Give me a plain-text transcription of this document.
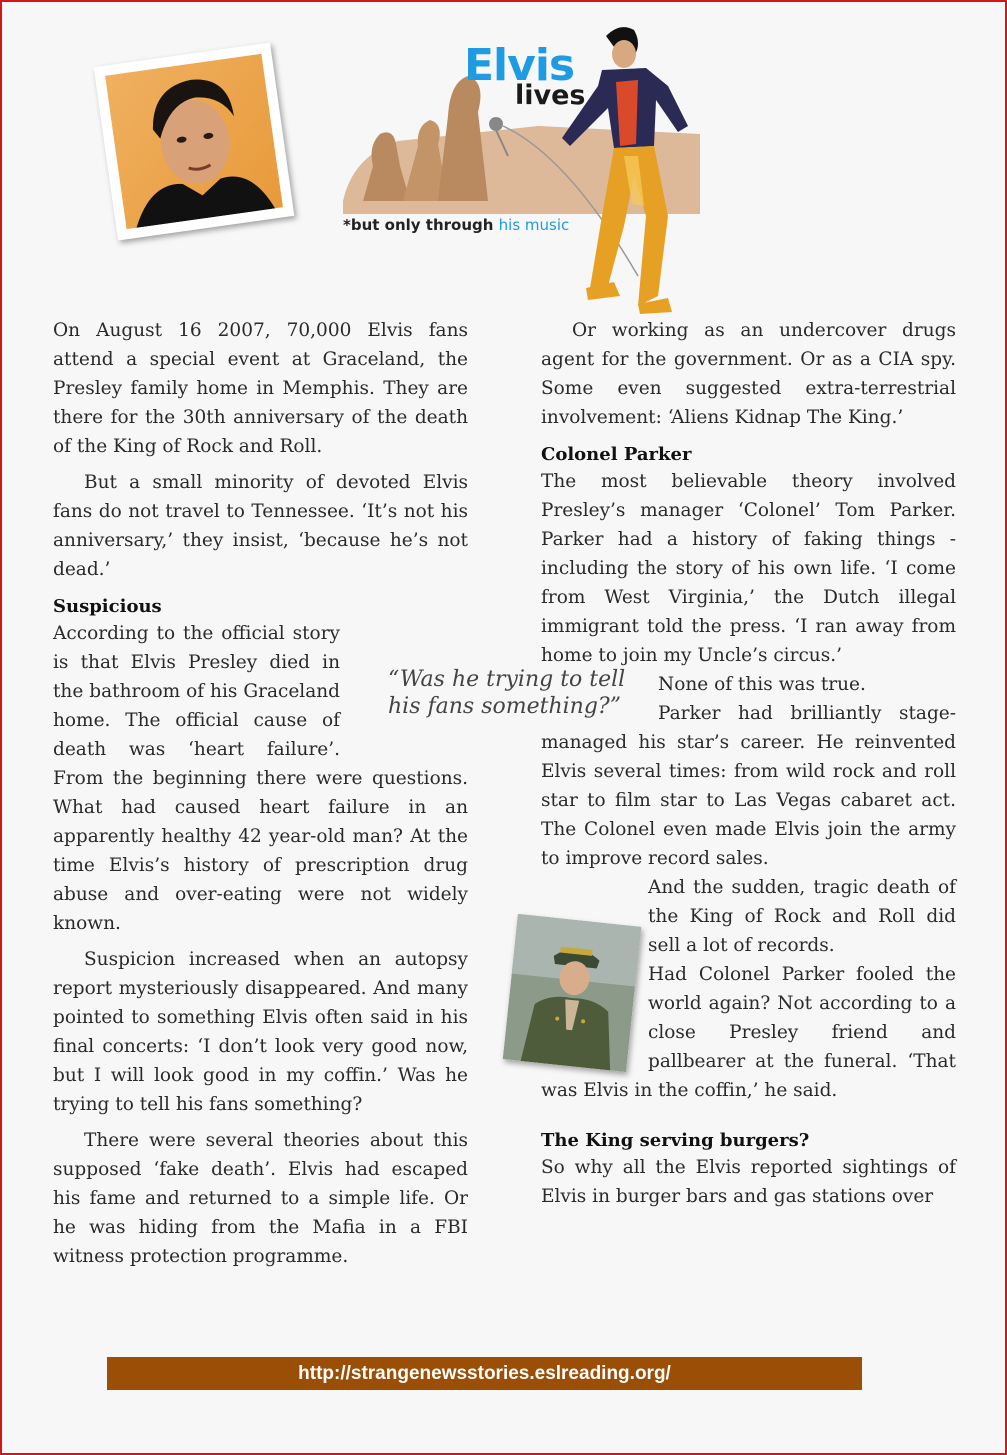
Elvis
lives
*but only through his music

On August 16 2007, 70,000 Elvis fans attend a special event at Graceland, the Presley family home in Memphis. They are there for the 30th anniversary of the death of the King of Rock and Roll.

But a small minority of devoted Elvis fans do not travel to Tennessee. ‘It’s not his anniversary,’ they insist, ‘because he’s not dead.’

Suspicious

According to the official story is that Elvis Presley died in the bathroom of his Graceland home. The official cause of death was ‘heart failure’. From the beginning there were questions. What had caused heart failure in an apparently healthy 42 year-old man? At the time Elvis’s history of prescription drug abuse and over-eating were not widely known.

Suspicion increased when an autopsy report mysteriously disappeared. And many pointed to something Elvis often said in his final concerts: ‘I don’t look very good now, but I will look good in my coffin.’ Was he trying to tell his fans something?

There were several theories about this supposed ‘fake death’. Elvis had escaped his fame and returned to a simple life. Or he was hiding from the Mafia in a FBI witness protection programme.

“Was he trying to tell his fans something?”

Or working as an undercover drugs agent for the government. Or as a CIA spy. Some even suggested extra-terrestrial involvement: ‘Aliens Kidnap The King.’

Colonel Parker

The most believable theory involved Presley’s manager ‘Colonel’ Tom Parker. Parker had a history of faking things - including the story of his own life. ‘I come from West Virginia,’ the Dutch illegal immigrant told the press. ‘I ran away from home to join my Uncle’s circus.’

None of this was true.

Parker had brilliantly stage-managed his star’s career. He reinvented Elvis several times: from wild rock and roll star to film star to Las Vegas cabaret act. The Colonel even made Elvis join the army to improve record sales.

And the sudden, tragic death of the King of Rock and Roll did sell a lot of records.

Had Colonel Parker fooled the world again? Not according to a close Presley friend and pallbearer at the funeral. ‘That was Elvis in the coffin,’ he said.

The King serving burgers?

So why all the Elvis reported sightings of Elvis in burger bars and gas stations over

http://strangenewsstories.eslreading.org/
